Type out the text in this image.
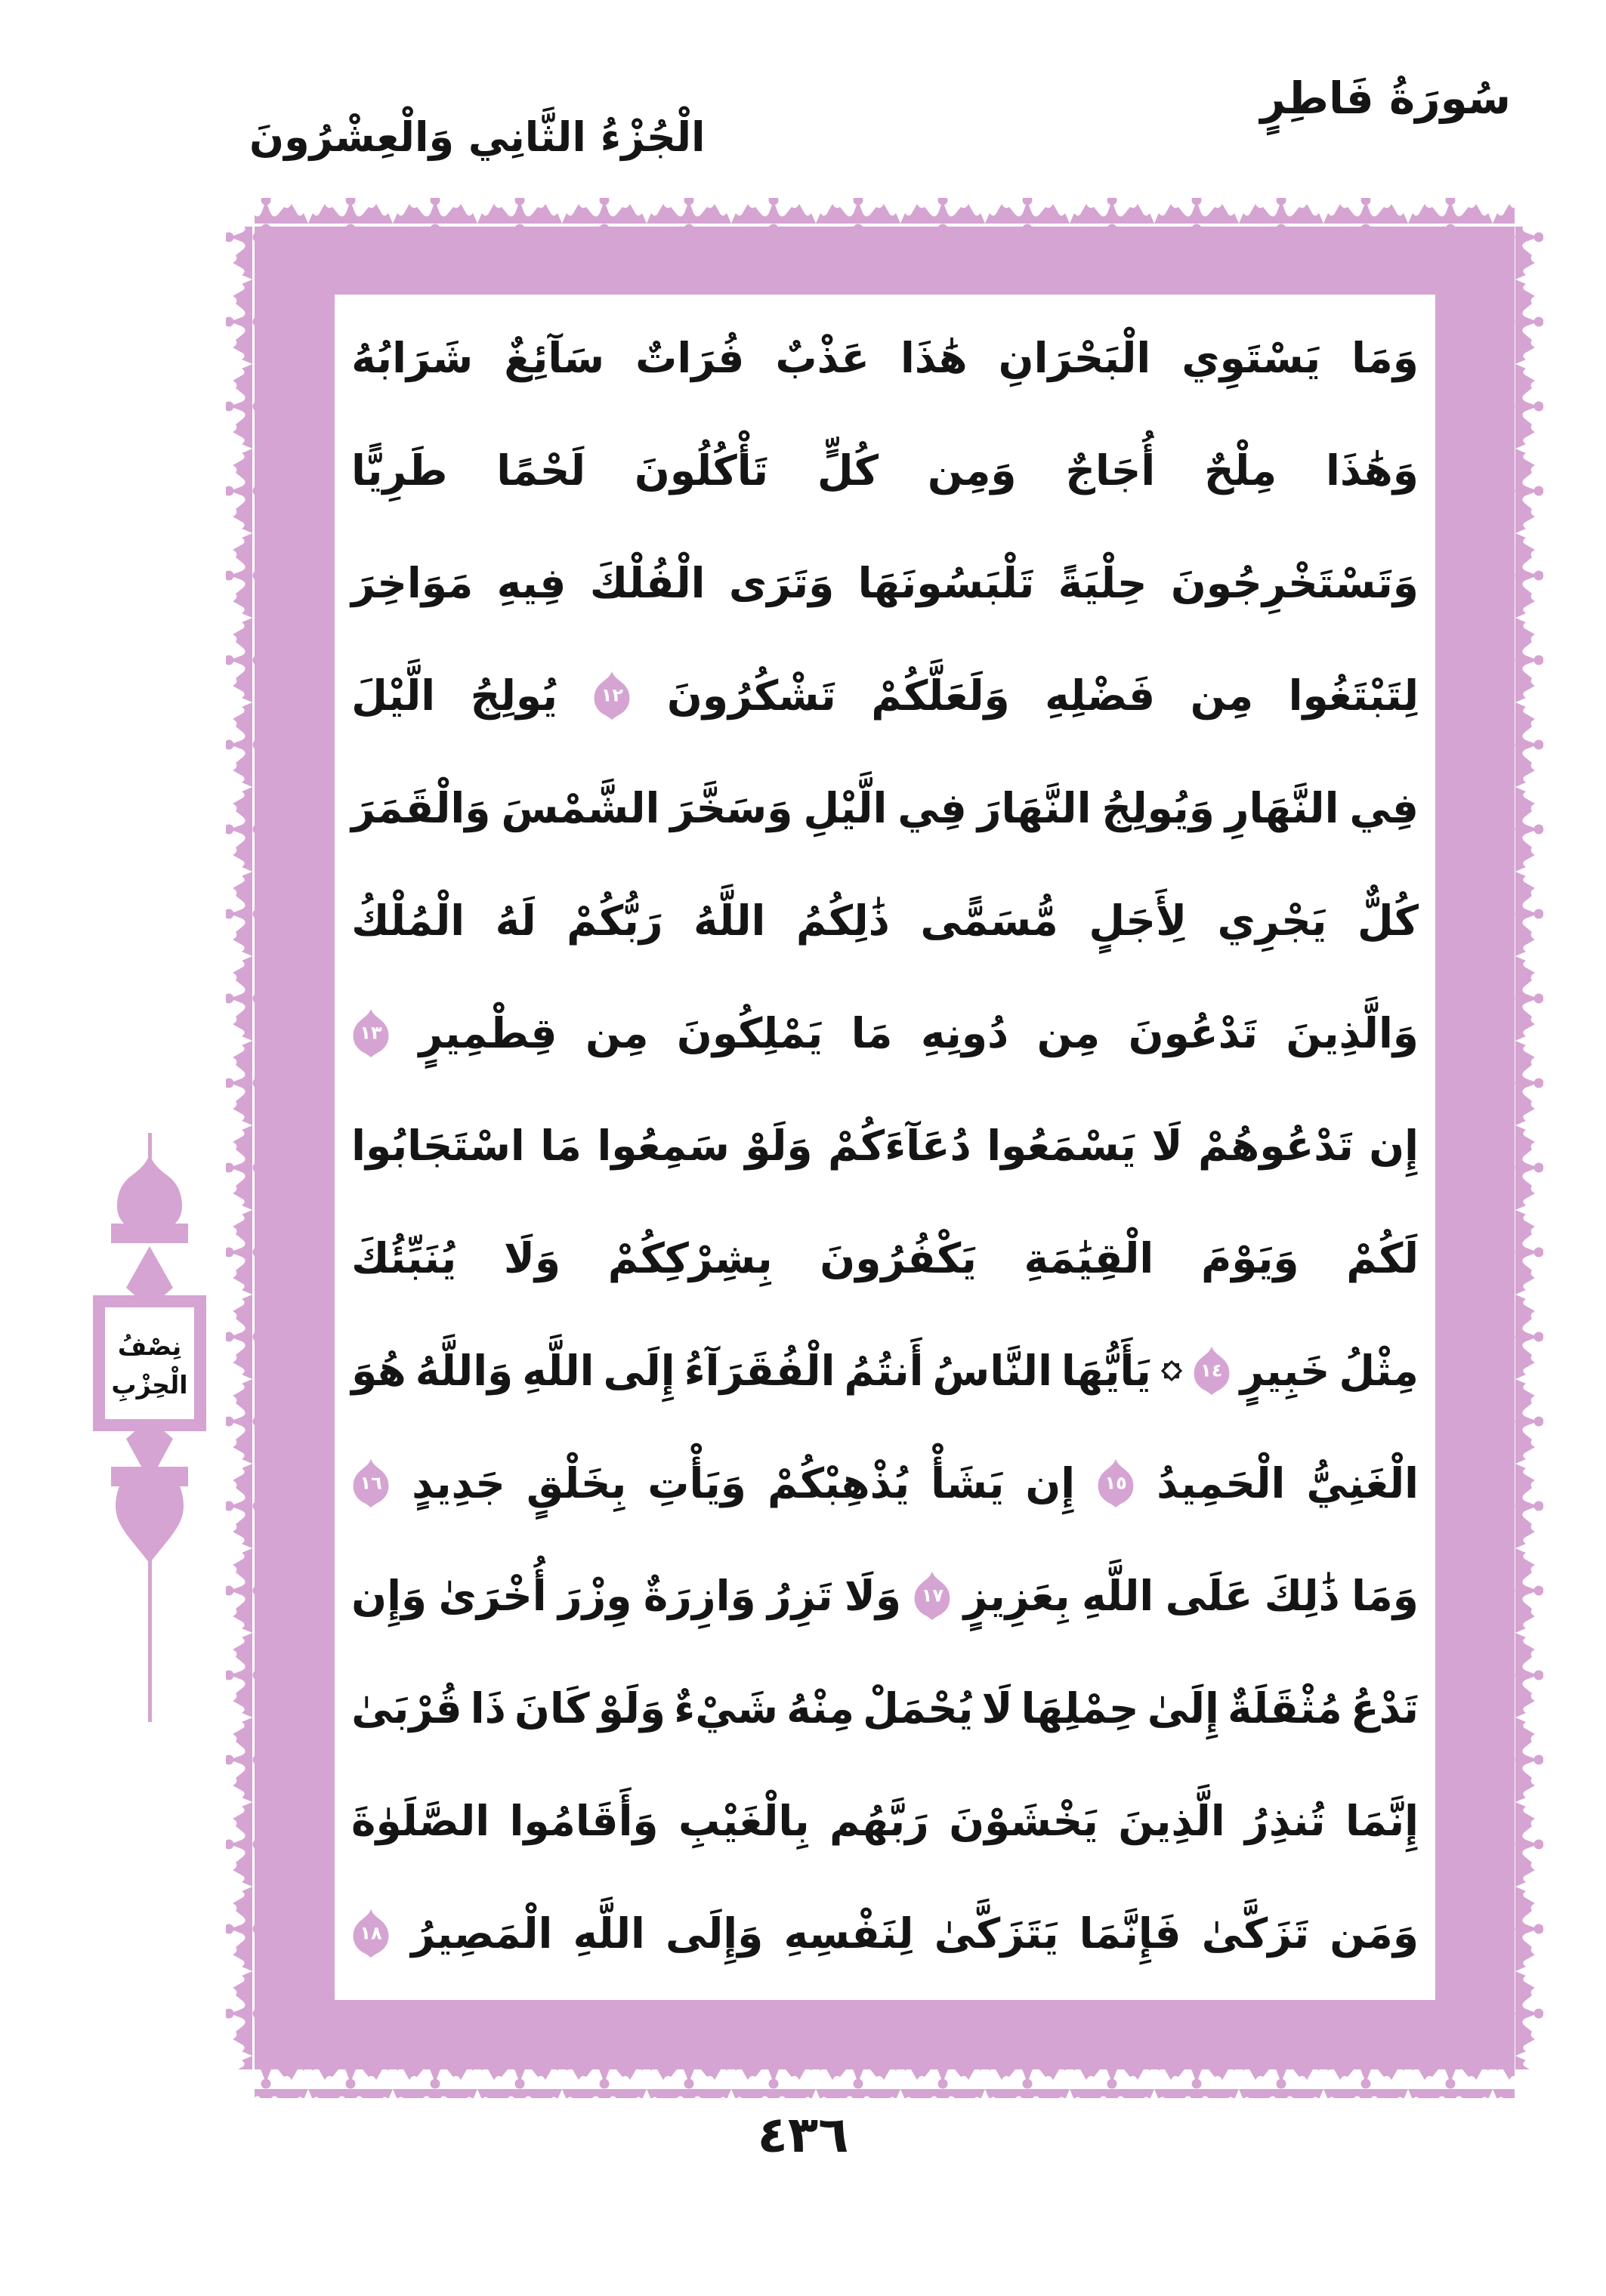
سُورَةُ فَاطِرٍ
الْجُزْءُ الثَّانِي وَالْعِشْرُونَ
نِصْفُ
الْحِزْبِ
وَمَا
يَسْتَوِي
الْبَحْرَانِ
هَٰذَا
عَذْبٌ
فُرَاتٌ
سَآئِغٌ
شَرَابُهُ
وَهَٰذَا
مِلْحٌ
أُجَاجٌ
وَمِن
كُلٍّ
تَأْكُلُونَ
لَحْمًا
طَرِيًّا
وَتَسْتَخْرِجُونَ
حِلْيَةً
تَلْبَسُونَهَا
وَتَرَى
الْفُلْكَ
فِيهِ
مَوَاخِرَ
لِتَبْتَغُوا
مِن
فَضْلِهِ
وَلَعَلَّكُمْ
تَشْكُرُونَ
١٢
يُولِجُ
الَّيْلَ
فِي
النَّهَارِ
وَيُولِجُ
النَّهَارَ
فِي
الَّيْلِ
وَسَخَّرَ
الشَّمْسَ
وَالْقَمَرَ
كُلٌّ
يَجْرِي
لِأَجَلٍ
مُّسَمًّى
ذَٰلِكُمُ
اللَّهُ
رَبُّكُمْ
لَهُ
الْمُلْكُ
وَالَّذِينَ
تَدْعُونَ
مِن
دُونِهِ
مَا
يَمْلِكُونَ
مِن
قِطْمِيرٍ
١٣
إِن
تَدْعُوهُمْ
لَا
يَسْمَعُوا
دُعَآءَكُمْ
وَلَوْ
سَمِعُوا
مَا
اسْتَجَابُوا
لَكُمْ
وَيَوْمَ
الْقِيَٰمَةِ
يَكْفُرُونَ
بِشِرْكِكُمْ
وَلَا
يُنَبِّئُكَ
مِثْلُ
خَبِيرٍ
١٤
يَأَيُّهَا
النَّاسُ
أَنتُمُ
الْفُقَرَآءُ
إِلَى
اللَّهِ
وَاللَّهُ
هُوَ
الْغَنِيُّ
الْحَمِيدُ
١٥
إِن
يَشَأْ
يُذْهِبْكُمْ
وَيَأْتِ
بِخَلْقٍ
جَدِيدٍ
١٦
وَمَا
ذَٰلِكَ
عَلَى
اللَّهِ
بِعَزِيزٍ
١٧
وَلَا
تَزِرُ
وَازِرَةٌ
وِزْرَ
أُخْرَىٰ
وَإِن
تَدْعُ
مُثْقَلَةٌ
إِلَىٰ
حِمْلِهَا
لَا
يُحْمَلْ
مِنْهُ
شَيْءٌ
وَلَوْ
كَانَ
ذَا
قُرْبَىٰ
إِنَّمَا
تُنذِرُ
الَّذِينَ
يَخْشَوْنَ
رَبَّهُم
بِالْغَيْبِ
وَأَقَامُوا
الصَّلَوٰةَ
وَمَن
تَزَكَّىٰ
فَإِنَّمَا
يَتَزَكَّىٰ
لِنَفْسِهِ
وَإِلَى
اللَّهِ
الْمَصِيرُ
١٨
٤٣٦
